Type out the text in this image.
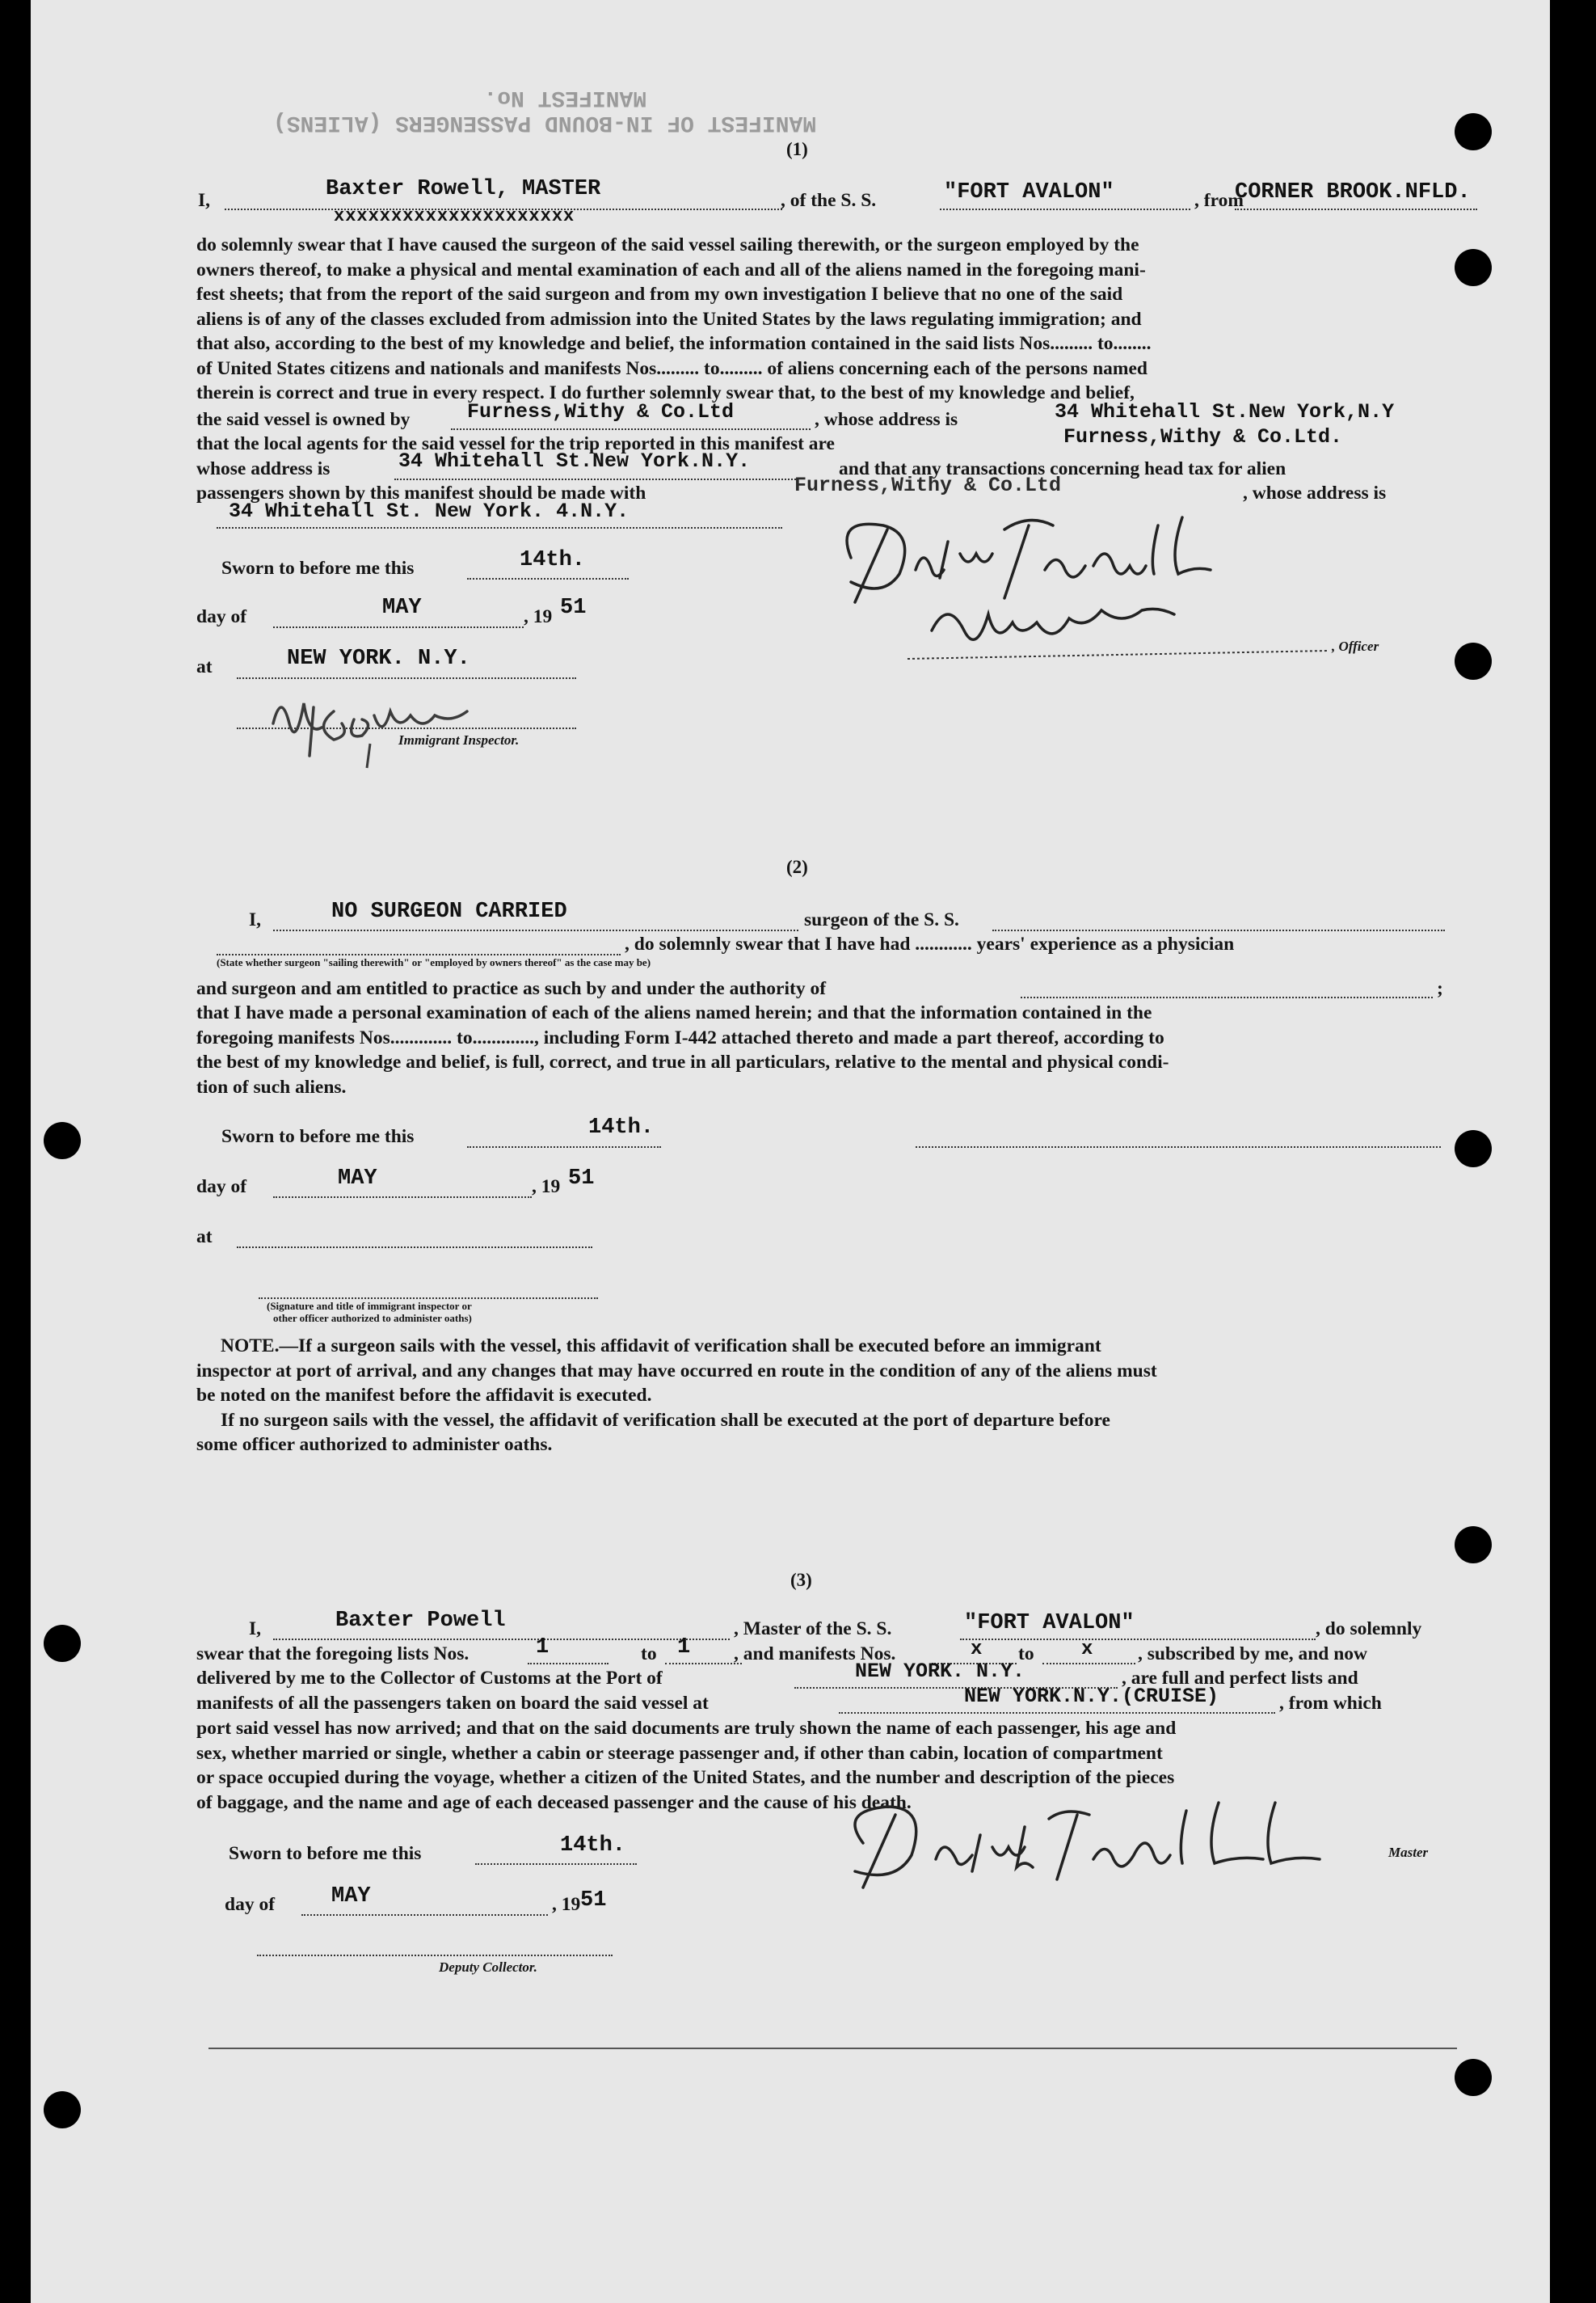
MANIFEST OF IN-BOUND PASSENGERS (ALIENS)
MANIFEST No.
(1)
I,	Baxter Rowell, MASTER
xxxxxxxxxxxxxxxxxxxxx
, of the S. S.	"FORT AVALON"	, from
CORNER BROOK.NFLD.
do solemnly swear that I have caused the surgeon of the said vessel sailing therewith, or the surgeon employed by the
owners thereof, to make a physical and mental examination of each and all of the aliens named in the foregoing mani-
fest sheets; that from the report of the said surgeon and from my own investigation I believe that no one of the said
aliens is of any of the classes excluded from admission into the United States by the laws regulating immigration; and
that also, according to the best of my knowledge and belief, the information contained in the said lists Nos......... to........
of United States citizens and nationals and manifests Nos......... to......... of aliens concerning each of the persons named
therein is correct and true in every respect. I do further solemnly swear that, to the best of my knowledge and belief,
the said vessel is owned by	Furness,Withy & Co.Ltd	, whose address is	34 Whitehall St.New York,N.Y
that the local agents for the said vessel for the trip reported in this manifest are	Furness,Withy & Co.Ltd.
whose address is	34 Whitehall St.New York.N.Y.	and that any transactions concerning head tax for alien
passengers shown by this manifest should be made with	Furness,Withy & Co.Ltd	, whose address is
34 Whitehall St. New York. 4.N.Y.
Sworn to before me this	14th.
day of	MAY	, 19 51
at	NEW YORK. N.Y.
Immigrant Inspector.
, Officer
(2)
I,	NO SURGEON CARRIED	surgeon of the S. S.
, do solemnly swear that I have had ............ years' experience as a physician
(State whether surgeon "sailing therewith" or "employed by owners thereof" as the case may be)
and surgeon and am entitled to practice as such by and under the authority of	;
that I have made a personal examination of each of the aliens named herein; and that the information contained in the
foregoing manifests Nos............. to............., including Form I-442 attached thereto and made a part thereof, according to
the best of my knowledge and belief, is full, correct, and true in all particulars, relative to the mental and physical condi-
tion of such aliens.
Sworn to before me this	14th.
day of	MAY	, 19 51
at
(Signature and title of immigrant inspector or
other officer authorized to administer oaths)
NOTE.—If a surgeon sails with the vessel, this affidavit of verification shall be executed before an immigrant
inspector at port of arrival, and any changes that may have occurred en route in the condition of any of the aliens must
be noted on the manifest before the affidavit is executed.
If no surgeon sails with the vessel, the affidavit of verification shall be executed at the port of departure before
some officer authorized to administer oaths.
(3)
I,	Baxter Powell	, Master of the S. S.	"FORT AVALON"	, do solemnly
swear that the foregoing lists Nos.	1	to 1 , and manifests Nos.	x to x , subscribed by me, and now
delivered by me to the Collector of Customs at the Port of	NEW YORK. N.Y.	, are full and perfect lists and
manifests of all the passengers taken on board the said vessel at	NEW YORK.N.Y.(CRUISE)	, from which
port said vessel has now arrived; and that on the said documents are truly shown the name of each passenger, his age and
sex, whether married or single, whether a cabin or steerage passenger and, if other than cabin, location of compartment
or space occupied during the voyage, whether a citizen of the United States, and the number and description of the pieces
of baggage, and the name and age of each deceased passenger and the cause of his death.
Master
Sworn to before me this	14th.
day of	MAY	, 19 51
Deputy Collector.
